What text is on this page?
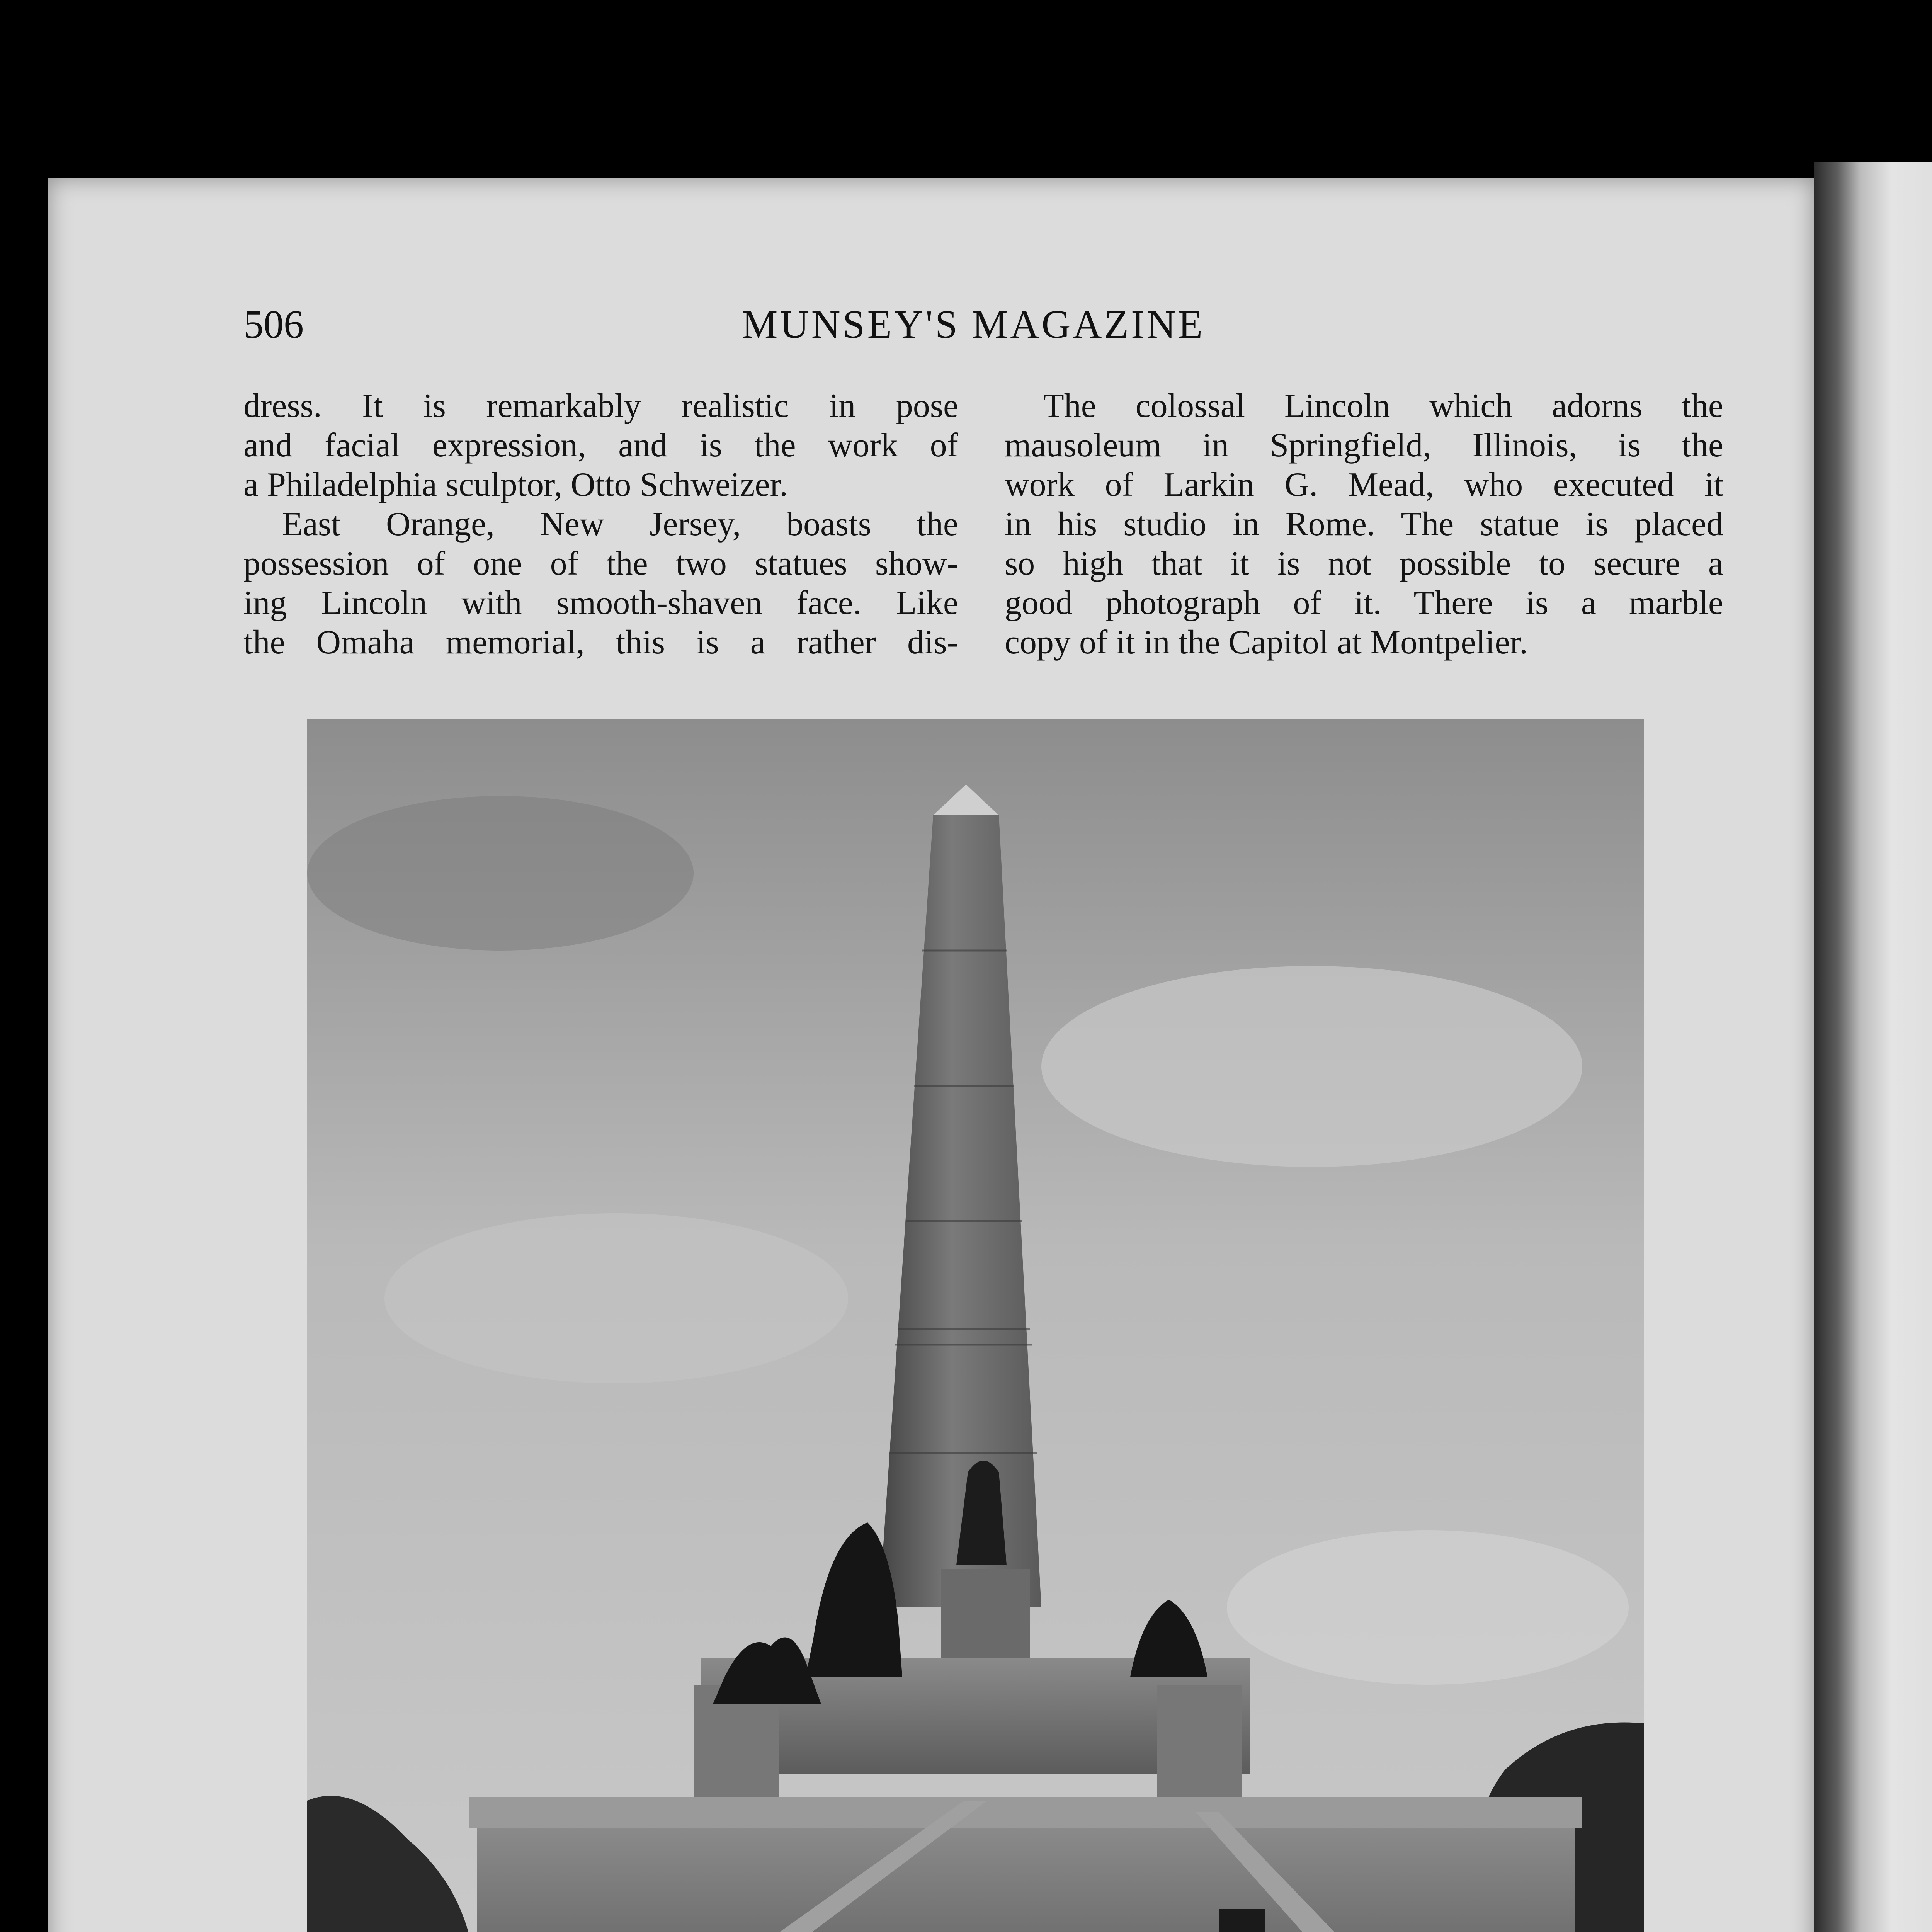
506	MUNSEY'S MAGAZINE
dress. It is remarkably realistic in pose
and facial expression, and is the work of
a Philadelphia sculptor, Otto Schweizer.
East Orange, New Jersey, boasts the
possession of one of the two statues show-
ing Lincoln with smooth-shaven face. Like
the Omaha memorial, this is a rather dis-
The colossal Lincoln which adorns the
mausoleum in Springfield, Illinois, is the
work of Larkin G. Mead, who executed it
in his studio in Rome. The statue is placed
so high that it is not possible to secure a
good photograph of it. There is a marble
copy of it in the Capitol at Montpelier.
